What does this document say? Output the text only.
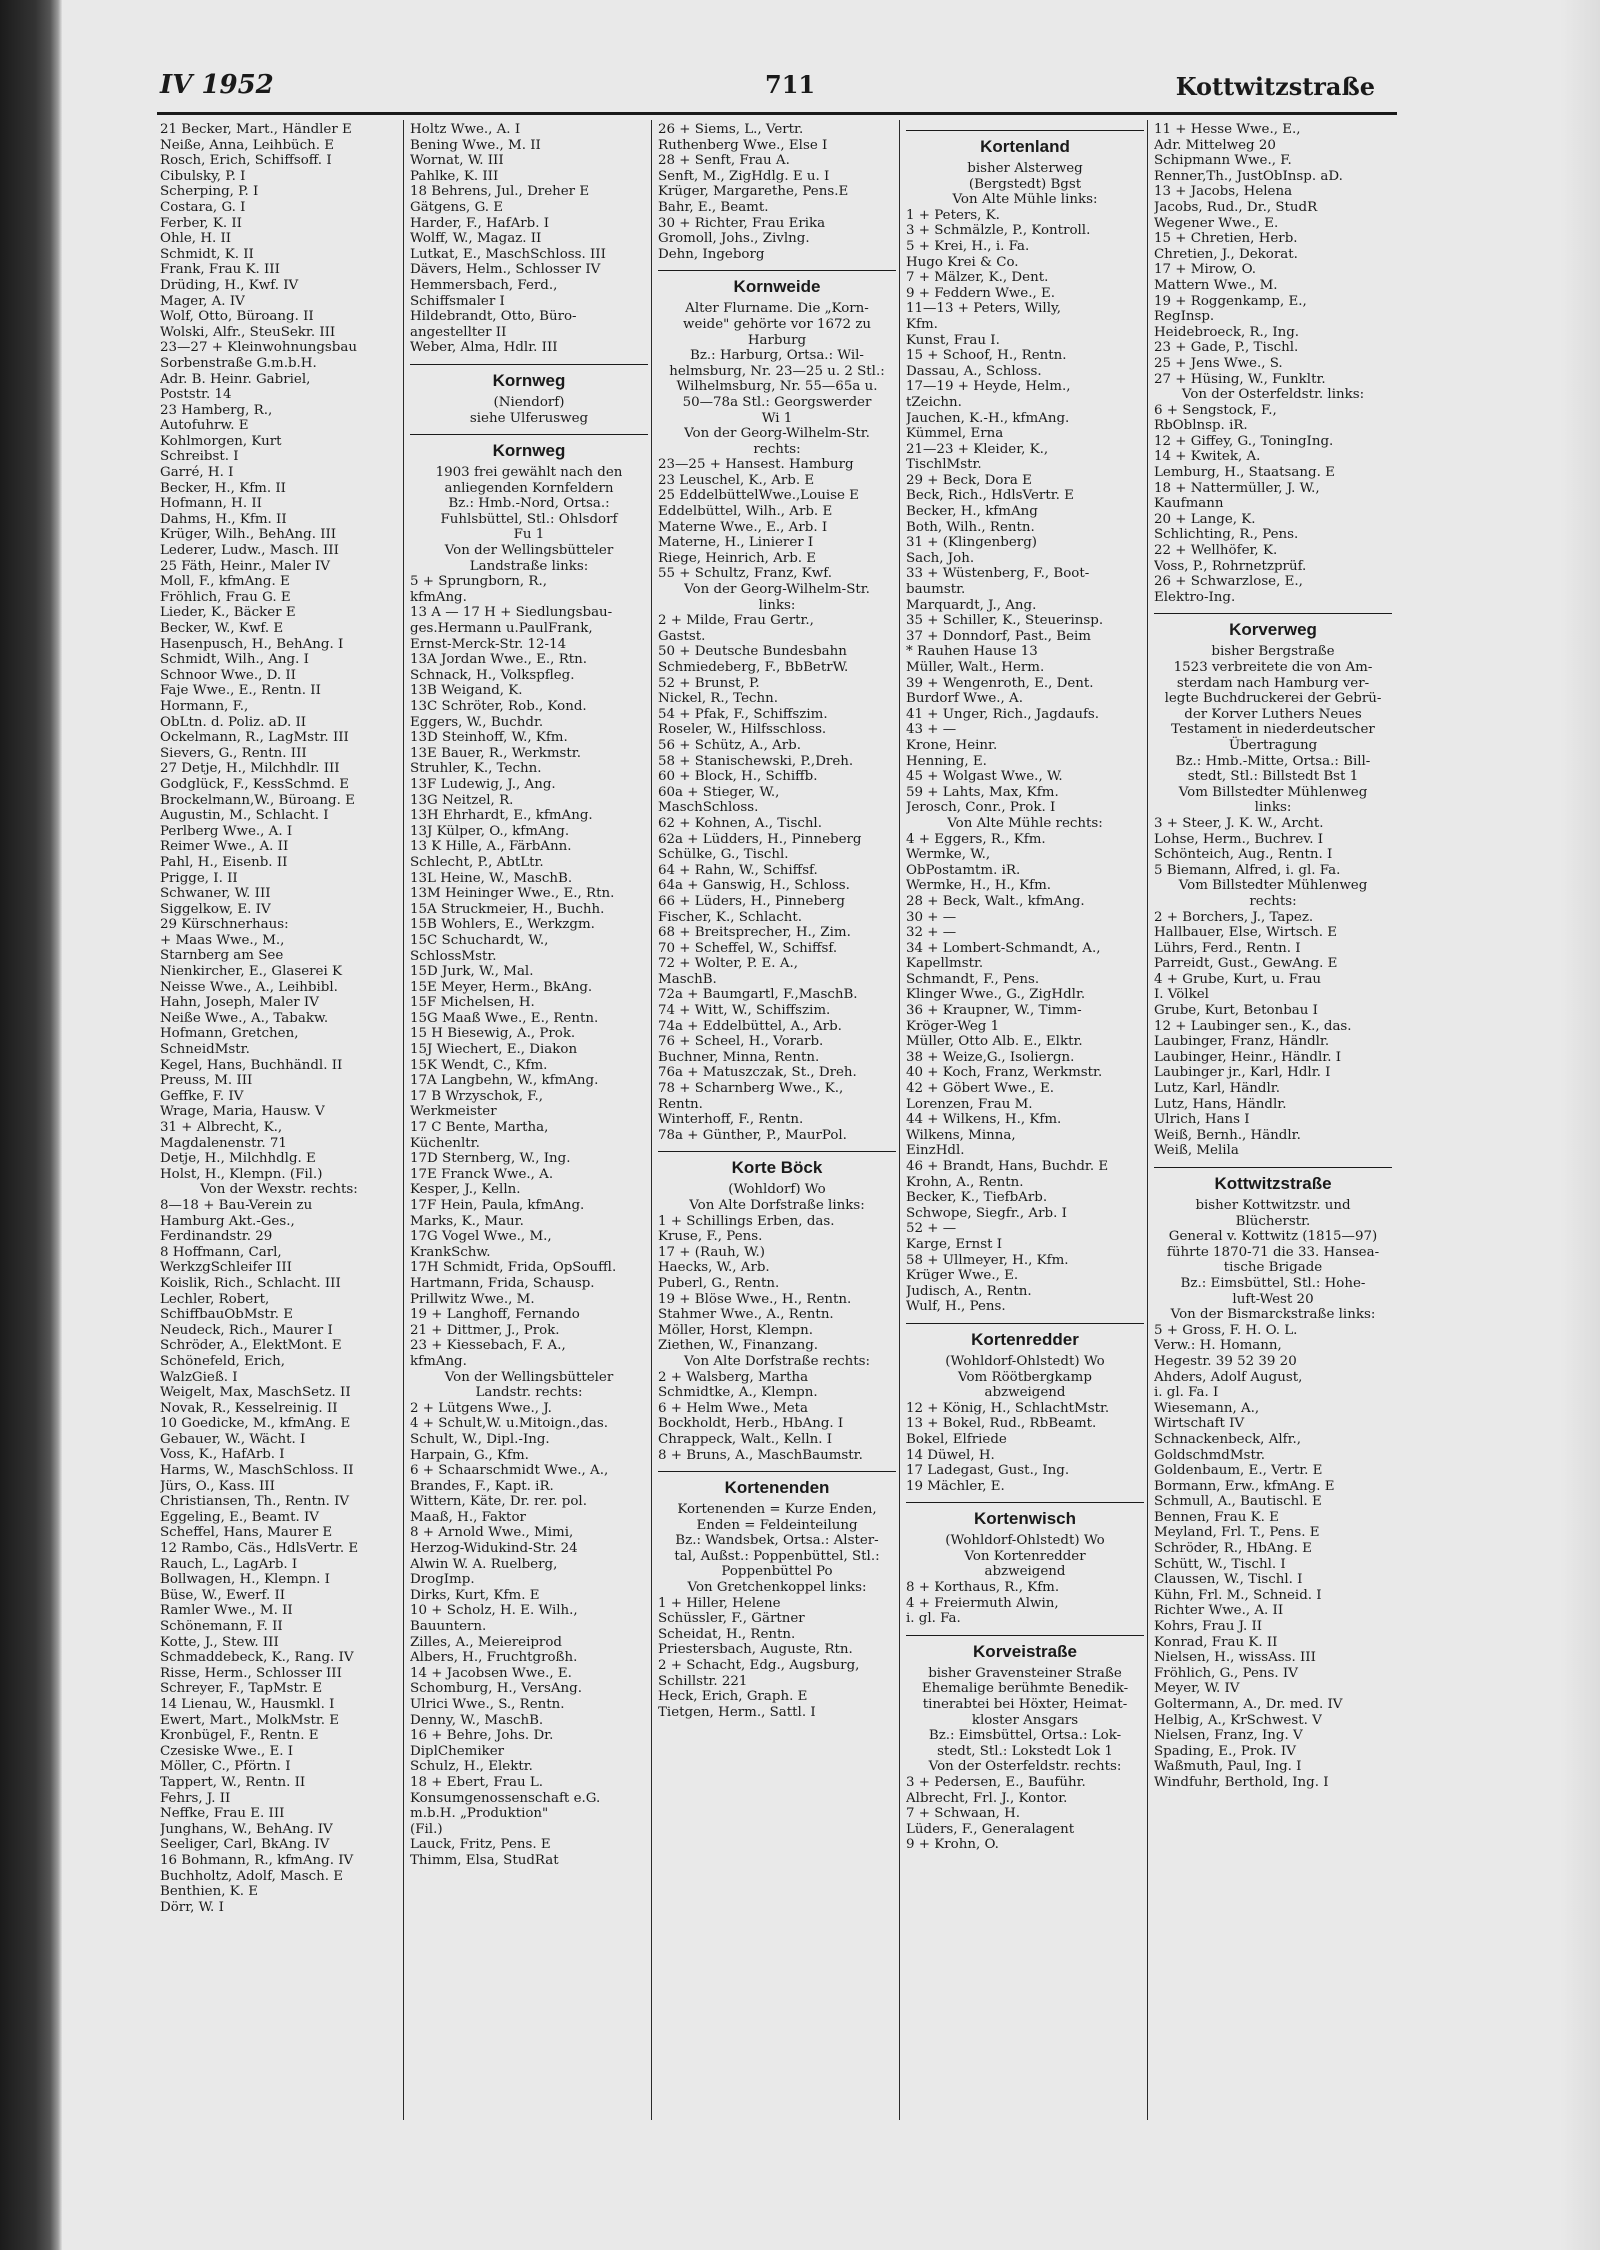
IV 1952	711	Kottwitzstraße
21 Becker, Mart., Händler E
Neiße, Anna, Leihbüch. E
Rosch, Erich, Schiffsoff. I
Cibulsky, P. I
Scherping, P. I
Costara, G. I
Ferber, K. II
Ohle, H. II
Schmidt, K. II
Frank, Frau K. III
Drüding, H., Kwf. IV
Mager, A. IV
Wolf, Otto, Büroang. II
Wolski, Alfr., SteuSekr. III
23—27 + Kleinwohnungsbau
Sorbenstraße G.m.b.H.
Adr. B. Heinr. Gabriel,
Poststr. 14
23 Hamberg, R.,
Autofuhrw. E
Kohlmorgen, Kurt
Schreibst. I
Garré, H. I
Becker, H., Kfm. II
Hofmann, H. II
Dahms, H., Kfm. II
Krüger, Wilh., BehAng. III
Lederer, Ludw., Masch. III
25 Fäth, Heinr., Maler IV
Moll, F., kfmAng. E
Fröhlich, Frau G. E
Lieder, K., Bäcker E
Becker, W., Kwf. E
Hasenpusch, H., BehAng. I
Schmidt, Wilh., Ang. I
Schnoor Wwe., D. II
Faje Wwe., E., Rentn. II
Hormann, F.,
ObLtn. d. Poliz. aD. II
Ockelmann, R., LagMstr. III
Sievers, G., Rentn. III
27 Detje, H., Milchhdlr. III
Godglück, F., KessSchmd. E
Brockelmann,W., Büroang. E
Augustin, M., Schlacht. I
Perlberg Wwe., A. I
Reimer Wwe., A. II
Pahl, H., Eisenb. II
Prigge, I. II
Schwaner, W. III
Siggelkow, E. IV
29 Kürschnerhaus:
+ Maas Wwe., M.,
Starnberg am See
Nienkircher, E., Glaserei K
Neisse Wwe., A., Leihbibl.
Hahn, Joseph, Maler IV
Neiße Wwe., A., Tabakw.
Hofmann, Gretchen,
SchneidMstr.
Kegel, Hans, Buchhändl. II
Preuss, M. III
Geffke, F. IV
Wrage, Maria, Hausw. V
31 + Albrecht, K.,
Magdalenenstr. 71
Detje, H., Milchhdlg. E
Holst, H., Klempn. (Fil.)
Von der Wexstr. rechts:
8—18 + Bau-Verein zu
Hamburg Akt.-Ges.,
Ferdinandstr. 29
8 Hoffmann, Carl,
WerkzgSchleifer III
Koislik, Rich., Schlacht. III
Lechler, Robert,
SchiffbauObMstr. E
Neudeck, Rich., Maurer I
Schröder, A., ElektMont. E
Schönefeld, Erich,
WalzGieß. I
Weigelt, Max, MaschSetz. II
Novak, R., Kesselreinig. II
10 Goedicke, M., kfmAng. E
Gebauer, W., Wächt. I
Voss, K., HafArb. I
Harms, W., MaschSchloss. II
Jürs, O., Kass. III
Christiansen, Th., Rentn. IV
Eggeling, E., Beamt. IV
Scheffel, Hans, Maurer E
12 Rambo, Cäs., HdlsVertr. E
Rauch, L., LagArb. I
Bollwagen, H., Klempn. I
Büse, W., Ewerf. II
Ramler Wwe., M. II
Schönemann, F. II
Kotte, J., Stew. III
Schmaddebeck, K., Rang. IV
Risse, Herm., Schlosser III
Schreyer, F., TapMstr. E
14 Lienau, W., Hausmkl. I
Ewert, Mart., MolkMstr. E
Kronbügel, F., Rentn. E
Czesiske Wwe., E. I
Möller, C., Pförtn. I
Tappert, W., Rentn. II
Fehrs, J. II
Neffke, Frau E. III
Junghans, W., BehAng. IV
Seeliger, Carl, BkAng. IV
16 Bohmann, R., kfmAng. IV
Buchholtz, Adolf, Masch. E
Benthien, K. E
Dörr, W. I
Holtz Wwe., A. I
Bening Wwe., M. II
Wornat, W. III
Pahlke, K. III
18 Behrens, Jul., Dreher E
Gätgens, G. E
Harder, F., HafArb. I
Wolff, W., Magaz. II
Lutkat, E., MaschSchloss. III
Dävers, Helm., Schlosser IV
Hemmersbach, Ferd.,
Schiffsmaler I
Hildebrandt, Otto, Büro-
angestellter II
Weber, Alma, Hdlr. III
Kornweg
(Niendorf)
siehe Ulferusweg
Kornweg
1903 frei gewählt nach den
anliegenden Kornfeldern
Bz.: Hmb.-Nord, Ortsa.:
Fuhlsbüttel, Stl.: Ohlsdorf
Fu 1
Von der Wellingsbütteler
Landstraße links:
5 + Sprungborn, R.,
kfmAng.
13 A — 17 H + Siedlungsbau-
ges.Hermann u.PaulFrank,
Ernst-Merck-Str. 12-14
13A Jordan Wwe., E., Rtn.
Schnack, H., Volkspfleg.
13B Weigand, K.
13C Schröter, Rob., Kond.
Eggers, W., Buchdr.
13D Steinhoff, W., Kfm.
13E Bauer, R., Werkmstr.
Struhler, K., Techn.
13F Ludewig, J., Ang.
13G Neitzel, R.
13H Ehrhardt, E., kfmAng.
13J Külper, O., kfmAng.
13 K Hille, A., FärbAnn.
Schlecht, P., AbtLtr.
13L Heine, W., MaschB.
13M Heininger Wwe., E., Rtn.
15A Struckmeier, H., Buchh.
15B Wohlers, E., Werkzgm.
15C Schuchardt, W.,
SchlossMstr.
15D Jurk, W., Mal.
15E Meyer, Herm., BkAng.
15F Michelsen, H.
15G Maaß Wwe., E., Rentn.
15 H Biesewig, A., Prok.
15J Wiechert, E., Diakon
15K Wendt, C., Kfm.
17A Langbehn, W., kfmAng.
17 B Wrzyschok, F.,
Werkmeister
17 C Bente, Martha,
Küchenltr.
17D Sternberg, W., Ing.
17E Franck Wwe., A.
Kesper, J., Kelln.
17F Hein, Paula, kfmAng.
Marks, K., Maur.
17G Vogel Wwe., M.,
KrankSchw.
17H Schmidt, Frida, OpSouffl.
Hartmann, Frida, Schausp.
Prillwitz Wwe., M.
19 + Langhoff, Fernando
21 + Dittmer, J., Prok.
23 + Kiessebach, F. A.,
kfmAng.
Von der Wellingsbütteler
Landstr. rechts:
2 + Lütgens Wwe., J.
4 + Schult,W. u.Mitoign.,das.
Schult, W., Dipl.-Ing.
Harpain, G., Kfm.
6 + Schaarschmidt Wwe., A.,
Brandes, F., Kapt. iR.
Wittern, Käte, Dr. rer. pol.
Maaß, H., Faktor
8 + Arnold Wwe., Mimi,
Herzog-Widukind-Str. 24
Alwin W. A. Ruelberg,
DrogImp.
Dirks, Kurt, Kfm. E
10 + Scholz, H. E. Wilh.,
Bauuntern.
Zilles, A., Meiereiprod
Albers, H., Fruchtgroßh.
14 + Jacobsen Wwe., E.
Schomburg, H., VersAng.
Ulrici Wwe., S., Rentn.
Denny, W., MaschB.
16 + Behre, Johs. Dr.
DiplChemiker
Schulz, H., Elektr.
18 + Ebert, Frau L.
Konsumgenossenschaft e.G.
m.b.H. „Produktion"
(Fil.)
Lauck, Fritz, Pens. E
Thimm, Elsa, StudRat
26 + Siems, L., Vertr.
Ruthenberg Wwe., Else I
28 + Senft, Frau A.
Senft, M., ZigHdlg. E u. I
Krüger, Margarethe, Pens.E
Bahr, E., Beamt.
30 + Richter, Frau Erika
Gromoll, Johs., Zivlng.
Dehn, Ingeborg
Kornweide
Alter Flurname. Die „Korn-
weide" gehörte vor 1672 zu
Harburg
Bz.: Harburg, Ortsa.: Wil-
helmsburg, Nr. 23—25 u. 2 Stl.:
Wilhelmsburg, Nr. 55—65a u.
50—78a Stl.: Georgswerder
Wi 1
Von der Georg-Wilhelm-Str.
rechts:
23—25 + Hansest. Hamburg
23 Leuschel, K., Arb. E
25 EddelbüttelWwe.,Louise E
Eddelbüttel, Wilh., Arb. E
Materne Wwe., E., Arb. I
Materne, H., Linierer I
Riege, Heinrich, Arb. E
55 + Schultz, Franz, Kwf.
Von der Georg-Wilhelm-Str.
links:
2 + Milde, Frau Gertr.,
Gastst.
50 + Deutsche Bundesbahn
Schmiedeberg, F., BbBetrW.
52 + Brunst, P.
Nickel, R., Techn.
54 + Pfak, F., Schiffszim.
Roseler, W., Hilfsschloss.
56 + Schütz, A., Arb.
58 + Stanischewski, P.,Dreh.
60 + Block, H., Schiffb.
60a + Stieger, W.,
MaschSchloss.
62 + Kohnen, A., Tischl.
62a + Lüdders, H., Pinneberg
Schülke, G., Tischl.
64 + Rahn, W., Schiffsf.
64a + Ganswig, H., Schloss.
66 + Lüders, H., Pinneberg
Fischer, K., Schlacht.
68 + Breitsprecher, H., Zim.
70 + Scheffel, W., Schiffsf.
72 + Wolter, P. E. A.,
MaschB.
72a + Baumgartl, F.,MaschB.
74 + Witt, W., Schiffszim.
74a + Eddelbüttel, A., Arb.
76 + Scheel, H., Vorarb.
Buchner, Minna, Rentn.
76a + Matuszczak, St., Dreh.
78 + Scharnberg Wwe., K.,
Rentn.
Winterhoff, F., Rentn.
78a + Günther, P., MaurPol.
Korte Böck
(Wohldorf) Wo
Von Alte Dorfstraße links:
1 + Schillings Erben, das.
Kruse, F., Pens.
17 + (Rauh, W.)
Haecks, W., Arb.
Puberl, G., Rentn.
19 + Blöse Wwe., H., Rentn.
Stahmer Wwe., A., Rentn.
Möller, Horst, Klempn.
Ziethen, W., Finanzang.
Von Alte Dorfstraße rechts:
2 + Walsberg, Martha
Schmidtke, A., Klempn.
6 + Helm Wwe., Meta
Bockholdt, Herb., HbAng. I
Chrappeck, Walt., Kelln. I
8 + Bruns, A., MaschBaumstr.
Kortenenden
Kortenenden = Kurze Enden,
Enden = Feldeinteilung
Bz.: Wandsbek, Ortsa.: Alster-
tal, Außst.: Poppenbüttel, Stl.:
Poppenbüttel Po
Von Gretchenkoppel links:
1 + Hiller, Helene
Schüssler, F., Gärtner
Scheidat, H., Rentn.
Priestersbach, Auguste, Rtn.
2 + Schacht, Edg., Augsburg,
Schillstr. 221
Heck, Erich, Graph. E
Tietgen, Herm., Sattl. I
Kortenland
bisher Alsterweg
(Bergstedt) Bgst
Von Alte Mühle links:
1 + Peters, K.
3 + Schmälzle, P., Kontroll.
5 + Krei, H., i. Fa.
Hugo Krei & Co.
7 + Mälzer, K., Dent.
9 + Feddern Wwe., E.
11—13 + Peters, Willy,
Kfm.
Kunst, Frau I.
15 + Schoof, H., Rentn.
Dassau, A., Schloss.
17—19 + Heyde, Helm.,
tZeichn.
Jauchen, K.-H., kfmAng.
Kümmel, Erna
21—23 + Kleider, K.,
TischlMstr.
29 + Beck, Dora E
Beck, Rich., HdlsVertr. E
Becker, H., kfmAng
Both, Wilh., Rentn.
31 + (Klingenberg)
Sach, Joh.
33 + Wüstenberg, F., Boot-
baumstr.
Marquardt, J., Ang.
35 + Schiller, K., Steuerinsp.
37 + Donndorf, Past., Beim
* Rauhen Hause 13
Müller, Walt., Herm.
39 + Wengenroth, E., Dent.
Burdorf Wwe., A.
41 + Unger, Rich., Jagdaufs.
43 + —
Krone, Heinr.
Henning, E.
45 + Wolgast Wwe., W.
59 + Lahts, Max, Kfm.
Jerosch, Conr., Prok. I
Von Alte Mühle rechts:
4 + Eggers, R., Kfm.
Wermke, W.,
ObPostamtm. iR.
Wermke, H., H., Kfm.
28 + Beck, Walt., kfmAng.
30 + —
32 + —
34 + Lombert-Schmandt, A.,
Kapellmstr.
Schmandt, F., Pens.
Klinger Wwe., G., ZigHdlr.
36 + Kraupner, W., Timm-
Kröger-Weg 1
Müller, Otto Alb. E., Elktr.
38 + Weize,G., Isoliergn.
40 + Koch, Franz, Werkmstr.
42 + Göbert Wwe., E.
Lorenzen, Frau M.
44 + Wilkens, H., Kfm.
Wilkens, Minna,
EinzHdl.
46 + Brandt, Hans, Buchdr. E
Krohn, A., Rentn.
Becker, K., TiefbArb.
Schwope, Siegfr., Arb. I
52 + —
Karge, Ernst I
58 + Ullmeyer, H., Kfm.
Krüger Wwe., E.
Judisch, A., Rentn.
Wulf, H., Pens.
Kortenredder
(Wohldorf-Ohlstedt) Wo
Vom Röötbergkamp
abzweigend
12 + König, H., SchlachtMstr.
13 + Bokel, Rud., RbBeamt.
Bokel, Elfriede
14 Düwel, H.
17 Ladegast, Gust., Ing.
19 Mächler, E.
Kortenwisch
(Wohldorf-Ohlstedt) Wo
Von Kortenredder
abzweigend
8 + Korthaus, R., Kfm.
4 + Freiermuth Alwin,
i. gl. Fa.
Korveistraße
bisher Gravensteiner Straße
Ehemalige berühmte Benedik-
tinerabtei bei Höxter, Heimat-
kloster Ansgars
Bz.: Eimsbüttel, Ortsa.: Lok-
stedt, Stl.: Lokstedt Lok 1
Von der Osterfeldstr. rechts:
3 + Pedersen, E., Bauführ.
Albrecht, Frl. J., Kontor.
7 + Schwaan, H.
Lüders, F., Generalagent
9 + Krohn, O.
11 + Hesse Wwe., E.,
Adr. Mittelweg 20
Schipmann Wwe., F.
Renner,Th., JustObInsp. aD.
13 + Jacobs, Helena
Jacobs, Rud., Dr., StudR
Wegener Wwe., E.
15 + Chretien, Herb.
Chretien, J., Dekorat.
17 + Mirow, O.
Mattern Wwe., M.
19 + Roggenkamp, E.,
RegInsp.
Heidebroeck, R., Ing.
23 + Gade, P., Tischl.
25 + Jens Wwe., S.
27 + Hüsing, W., Funkltr.
Von der Osterfeldstr. links:
6 + Sengstock, F.,
RbOblnsp. iR.
12 + Giffey, G., ToningIng.
14 + Kwitek, A.
Lemburg, H., Staatsang. E
18 + Nattermüller, J. W.,
Kaufmann
20 + Lange, K.
Schlichting, R., Pens.
22 + Wellhöfer, K.
Voss, P., Rohrnetzprüf.
26 + Schwarzlose, E.,
Elektro-Ing.
Korverweg
bisher Bergstraße
1523 verbreitete die von Am-
sterdam nach Hamburg ver-
legte Buchdruckerei der Gebrü-
der Korver Luthers Neues
Testament in niederdeutscher
Übertragung
Bz.: Hmb.-Mitte, Ortsa.: Bill-
stedt, Stl.: Billstedt Bst 1
Vom Billstedter Mühlenweg
links:
3 + Steer, J. K. W., Archt.
Lohse, Herm., Buchrev. I
Schönteich, Aug., Rentn. I
5 Biemann, Alfred, i. gl. Fa.
Vom Billstedter Mühlenweg
rechts:
2 + Borchers, J., Tapez.
Hallbauer, Else, Wirtsch. E
Lührs, Ferd., Rentn. I
Parreidt, Gust., GewAng. E
4 + Grube, Kurt, u. Frau
I. Völkel
Grube, Kurt, Betonbau I
12 + Laubinger sen., K., das.
Laubinger, Franz, Händlr.
Laubinger, Heinr., Händlr. I
Laubinger jr., Karl, Hdlr. I
Lutz, Karl, Händlr.
Lutz, Hans, Händlr.
Ulrich, Hans I
Weiß, Bernh., Händlr.
Weiß, Melila
Kottwitzstraße
bisher Kottwitzstr. und
Blücherstr.
General v. Kottwitz (1815—97)
führte 1870-71 die 33. Hansea-
tische Brigade
Bz.: Eimsbüttel, Stl.: Hohe-
luft-West 20
Von der Bismarckstraße links:
5 + Gross, F. H. O. L.
Verw.: H. Homann,
Hegestr. 39 52 39 20
Ahders, Adolf August,
i. gl. Fa. I
Wiesemann, A.,
Wirtschaft IV
Schnackenbeck, Alfr.,
GoldschmdMstr.
Goldenbaum, E., Vertr. E
Bormann, Erw., kfmAng. E
Schmull, A., Bautischl. E
Bennen, Frau K. E
Meyland, Frl. T., Pens. E
Schröder, R., HbAng. E
Schütt, W., Tischl. I
Claussen, W., Tischl. I
Kühn, Frl. M., Schneid. I
Richter Wwe., A. II
Kohrs, Frau J. II
Konrad, Frau K. II
Nielsen, H., wissAss. III
Fröhlich, G., Pens. IV
Meyer, W. IV
Goltermann, A., Dr. med. IV
Helbig, A., KrSchwest. V
Nielsen, Franz, Ing. V
Spading, E., Prok. IV
Waßmuth, Paul, Ing. I
Windfuhr, Berthold, Ing. I
